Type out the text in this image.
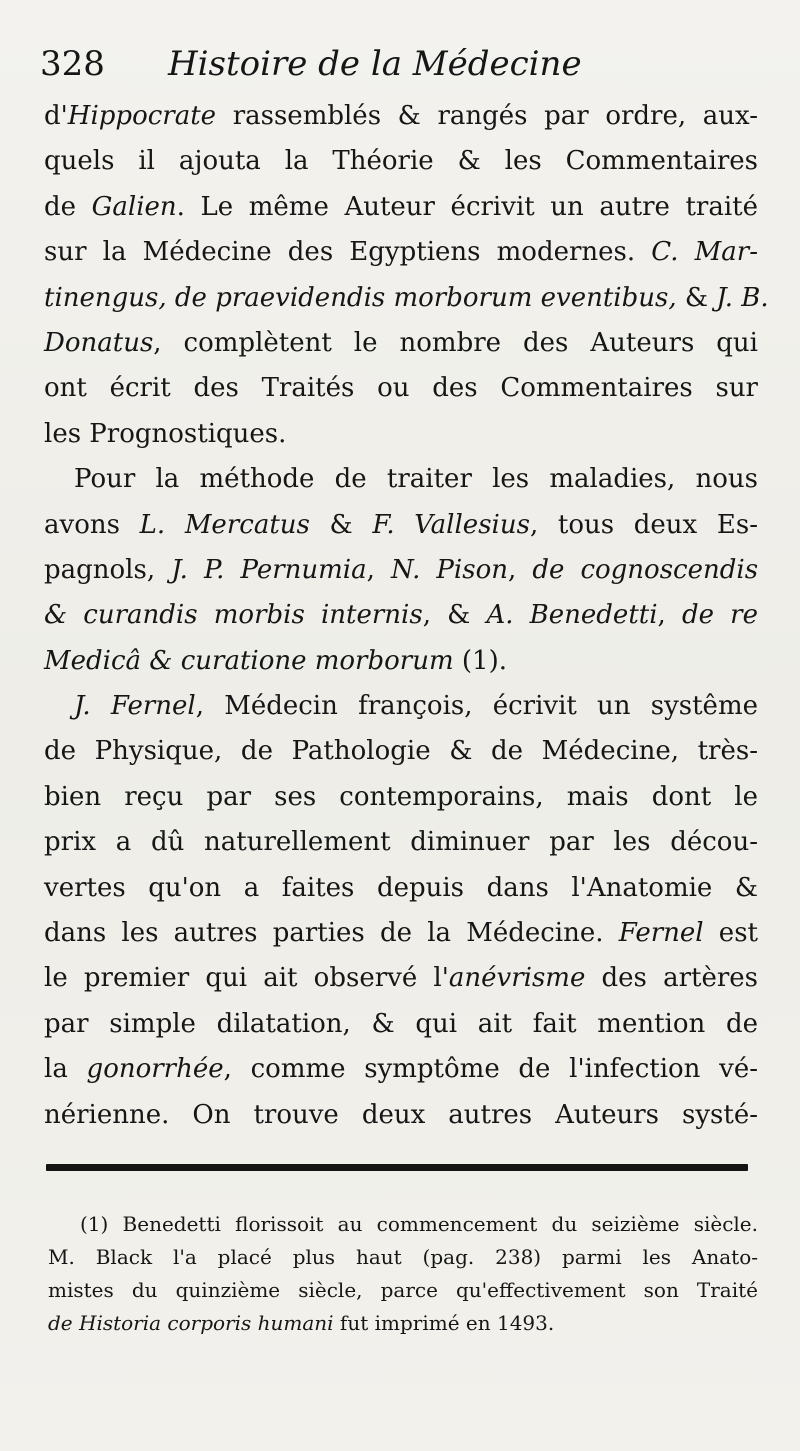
328 Histoire de la Médecine
d'Hippocrate rassemblés & rangés par ordre, aux-
quels il ajouta la Théorie & les Commentaires
de Galien. Le même Auteur écrivit un autre traité
sur la Médecine des Egyptiens modernes. C. Mar-
tinengus, de praevidendis morborum eventibus, & J. B.
Donatus, complètent le nombre des Auteurs qui
ont écrit des Traités ou des Commentaires sur
les Prognostiques.
Pour la méthode de traiter les maladies, nous
avons L. Mercatus & F. Vallesius, tous deux Es-
pagnols, J. P. Pernumia, N. Pison, de cognoscendis
& curandis morbis internis, & A. Benedetti, de re
Medicâ & curatione morborum (1).
J. Fernel, Médecin françois, écrivit un systême
de Physique, de Pathologie & de Médecine, très-
bien reçu par ses contemporains, mais dont le
prix a dû naturellement diminuer par les décou-
vertes qu'on a faites depuis dans l'Anatomie &
dans les autres parties de la Médecine. Fernel est
le premier qui ait observé l'anévrisme des artères
par simple dilatation, & qui ait fait mention de
la gonorrhée, comme symptôme de l'infection vé-
nérienne. On trouve deux autres Auteurs systé-
(1) Benedetti florissoit au commencement du seizième siècle.
M. Black l'a placé plus haut (pag. 238) parmi les Anato-
mistes du quinzième siècle, parce qu'effectivement son Traité
de Historia corporis humani fut imprimé en 1493.
